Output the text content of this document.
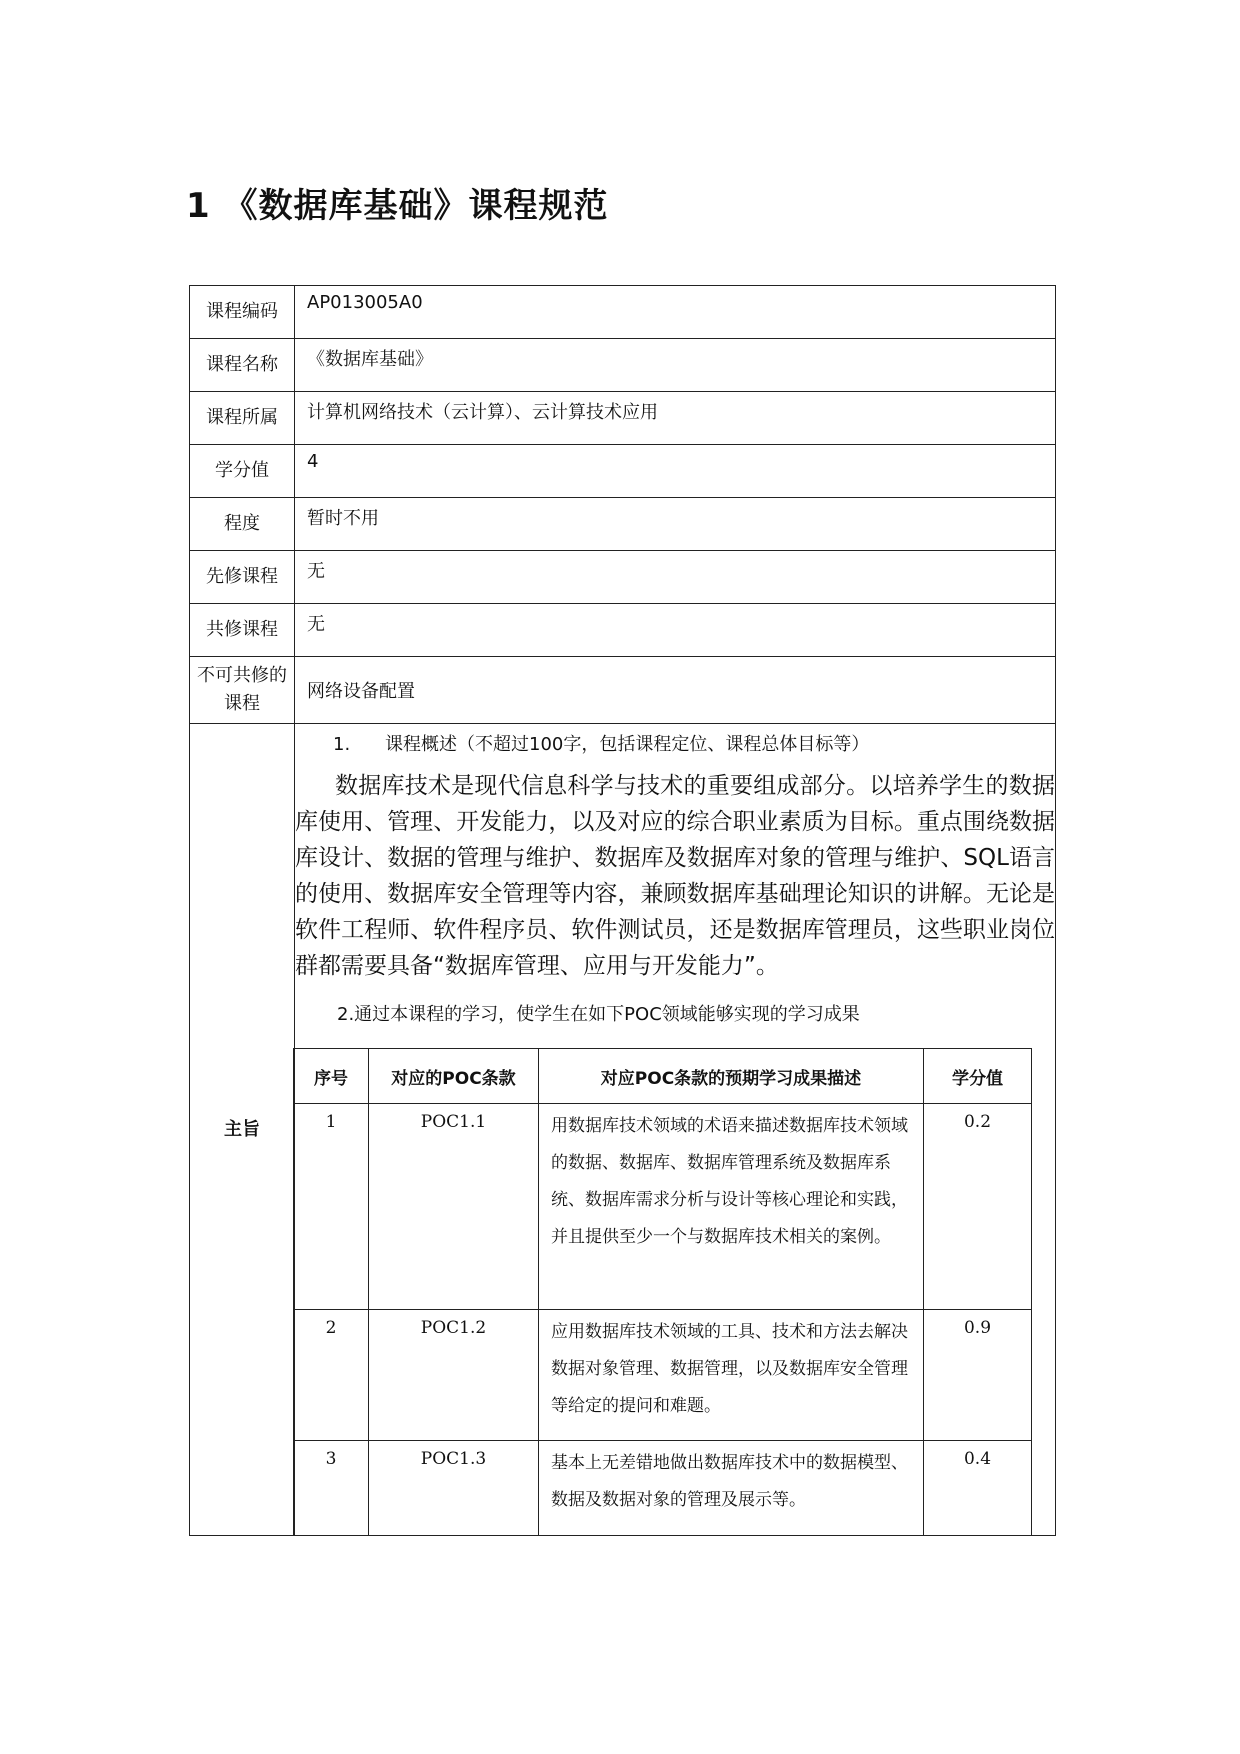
1 《数据库基础》课程规范
课程编码	AP013005A0
课程名称	《数据库基础》
课程所属	计算机网络技术（云计算）、云计算技术应用
学分值	4
程度	暂时不用
先修课程	无
共修课程	无
不可共修的课程	网络设备配置
主旨	

1. 课程概述（不超过100字，包括课程定位、课程总体目标等）

数据库技术是现代信息科学与技术的重要组成部分。以培养学生的数据库使用、管理、开发能力，以及对应的综合职业素质为目标。重点围绕数据库设计、数据的管理与维护、数据库及数据库对象的管理与维护、SQL语言的使用、数据库安全管理等内容，兼顾数据库基础理论知识的讲解。无论是软件工程师、软件程序员、软件测试员，还是数据库管理员，这些职业岗位群都需要具备“数据库管理、应用与开发能力”。

2.通过本课程的学习，使学生在如下POC领域能够实现的学习成果

序号	对应的POC条款	对应POC条款的预期学习成果描述	学分值
1	POC1.1	用数据库技术领域的术语来描述数据库技术领域的数据、数据库、数据库管理系统及数据库系统、数据库需求分析与设计等核心理论和实践，并且提供至少一个与数据库技术相关的案例。	0.2
2	POC1.2	应用数据库技术领域的工具、技术和方法去解决数据对象管理、数据管理，以及数据库安全管理等给定的提问和难题。	0.9
3	POC1.3	基本上无差错地做出数据库技术中的数据模型、数据及数据对象的管理及展示等。	0.4
